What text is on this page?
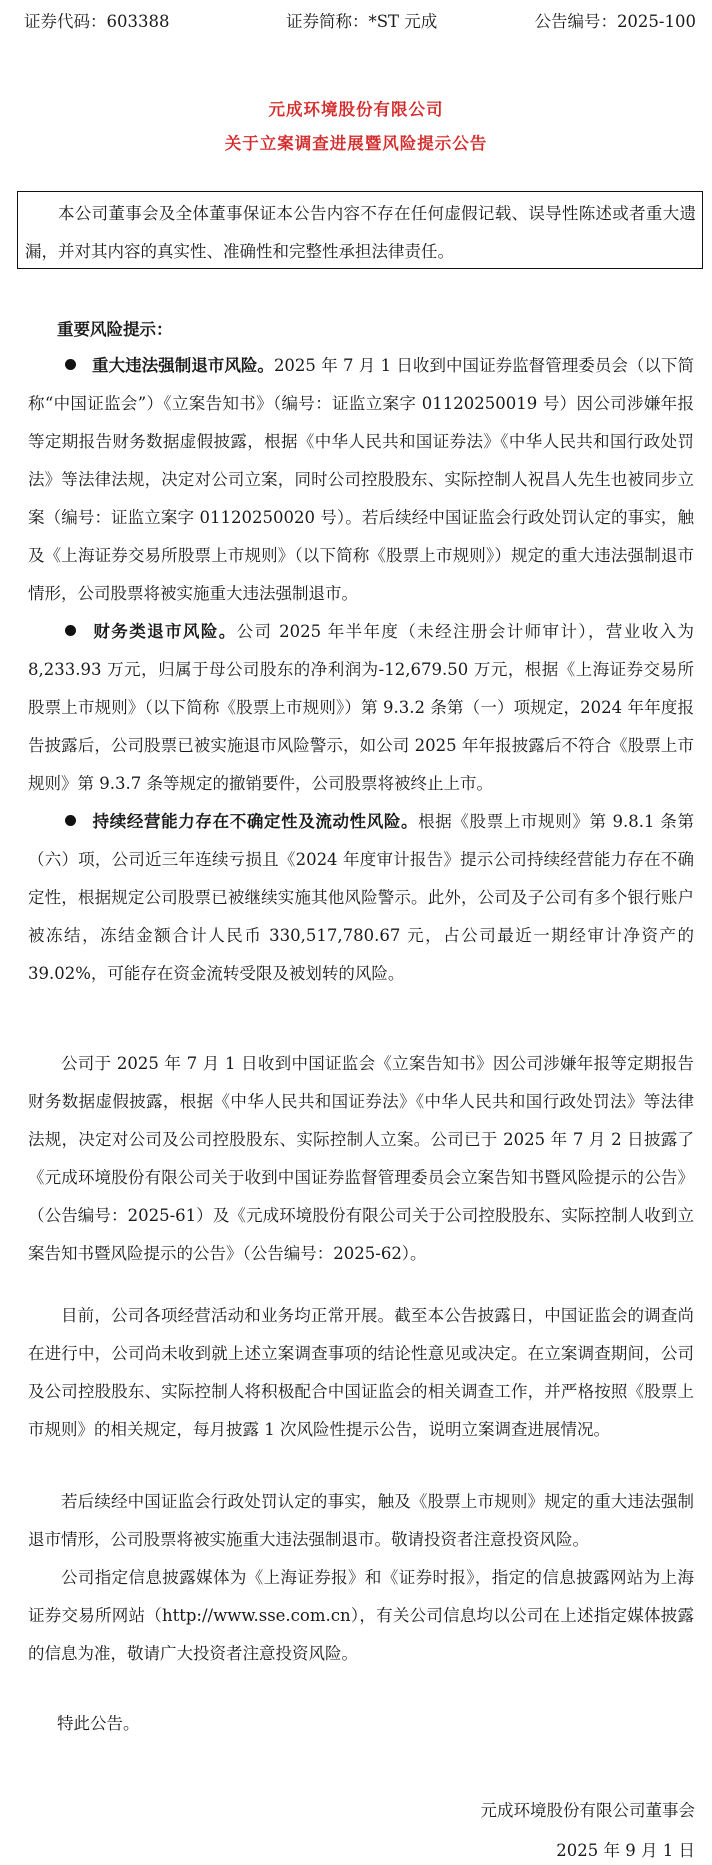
证券代码：603388	证券简称：*ST 元成	公告编号：2025-100
元成环境股份有限公司
关于立案调查进展暨风险提示公告

本公司董事会及全体董事保证本公告内容不存在任何虚假记载、误导性陈述或者重大遗漏，并对其内容的真实性、准确性和完整性承担法律责任。

重要风险提示：
重大违法强制退市风险。2025 年 7 月 1 日收到中国证券监督管理委员会（以下简称“中国证监会”）《立案告知书》（编号：证监立案字 01120250019 号）因公司涉嫌年报等定期报告财务数据虚假披露，根据《中华人民共和国证券法》《中华人民共和国行政处罚法》等法律法规，决定对公司立案，同时公司控股股东、实际控制人祝昌人先生也被同步立案（编号：证监立案字 01120250020 号）。若后续经中国证监会行政处罚认定的事实，触及《上海证券交易所股票上市规则》（以下简称《股票上市规则》）规定的重大违法强制退市情形，公司股票将被实施重大违法强制退市。
财务类退市风险。公司 2025 年半年度（未经注册会计师审计），营业收入为 8,233.93 万元，归属于母公司股东的净利润为-12,679.50 万元，根据《上海证券交易所股票上市规则》（以下简称《股票上市规则》）第 9.3.2 条第（一）项规定，2024 年年度报告披露后，公司股票已被实施退市风险警示，如公司 2025 年年报披露后不符合《股票上市规则》第 9.3.7 条等规定的撤销要件，公司股票将被终止上市。
持续经营能力存在不确定性及流动性风险。根据《股票上市规则》第 9.8.1 条第（六）项，公司近三年连续亏损且《2024 年度审计报告》提示公司持续经营能力存在不确定性，根据规定公司股票已被继续实施其他风险警示。此外，公司及子公司有多个银行账户被冻结，冻结金额合计人民币 330,517,780.67 元，占公司最近一期经审计净资产的 39.02%，可能存在资金流转受限及被划转的风险。

公司于 2025 年 7 月 1 日收到中国证监会《立案告知书》因公司涉嫌年报等定期报告财务数据虚假披露，根据《中华人民共和国证券法》《中华人民共和国行政处罚法》等法律法规，决定对公司及公司控股股东、实际控制人立案。公司已于 2025 年 7 月 2 日披露了《元成环境股份有限公司关于收到中国证券监督管理委员会立案告知书暨风险提示的公告》（公告编号：2025-61）及《元成环境股份有限公司关于公司控股股东、实际控制人收到立案告知书暨风险提示的公告》（公告编号：2025-62）。

目前，公司各项经营活动和业务均正常开展。截至本公告披露日，中国证监会的调查尚在进行中，公司尚未收到就上述立案调查事项的结论性意见或决定。在立案调查期间，公司及公司控股股东、实际控制人将积极配合中国证监会的相关调查工作，并严格按照《股票上市规则》的相关规定，每月披露 1 次风险性提示公告，说明立案调查进展情况。

若后续经中国证监会行政处罚认定的事实，触及《股票上市规则》规定的重大违法强制退市情形，公司股票将被实施重大违法强制退市。敬请投资者注意投资风险。

公司指定信息披露媒体为《上海证券报》和《证券时报》，指定的信息披露网站为上海证券交易所网站（http://www.sse.com.cn），有关公司信息均以公司在上述指定媒体披露的信息为准，敬请广大投资者注意投资风险。

特此公告。
元成环境股份有限公司董事会
2025 年 9 月 1 日
